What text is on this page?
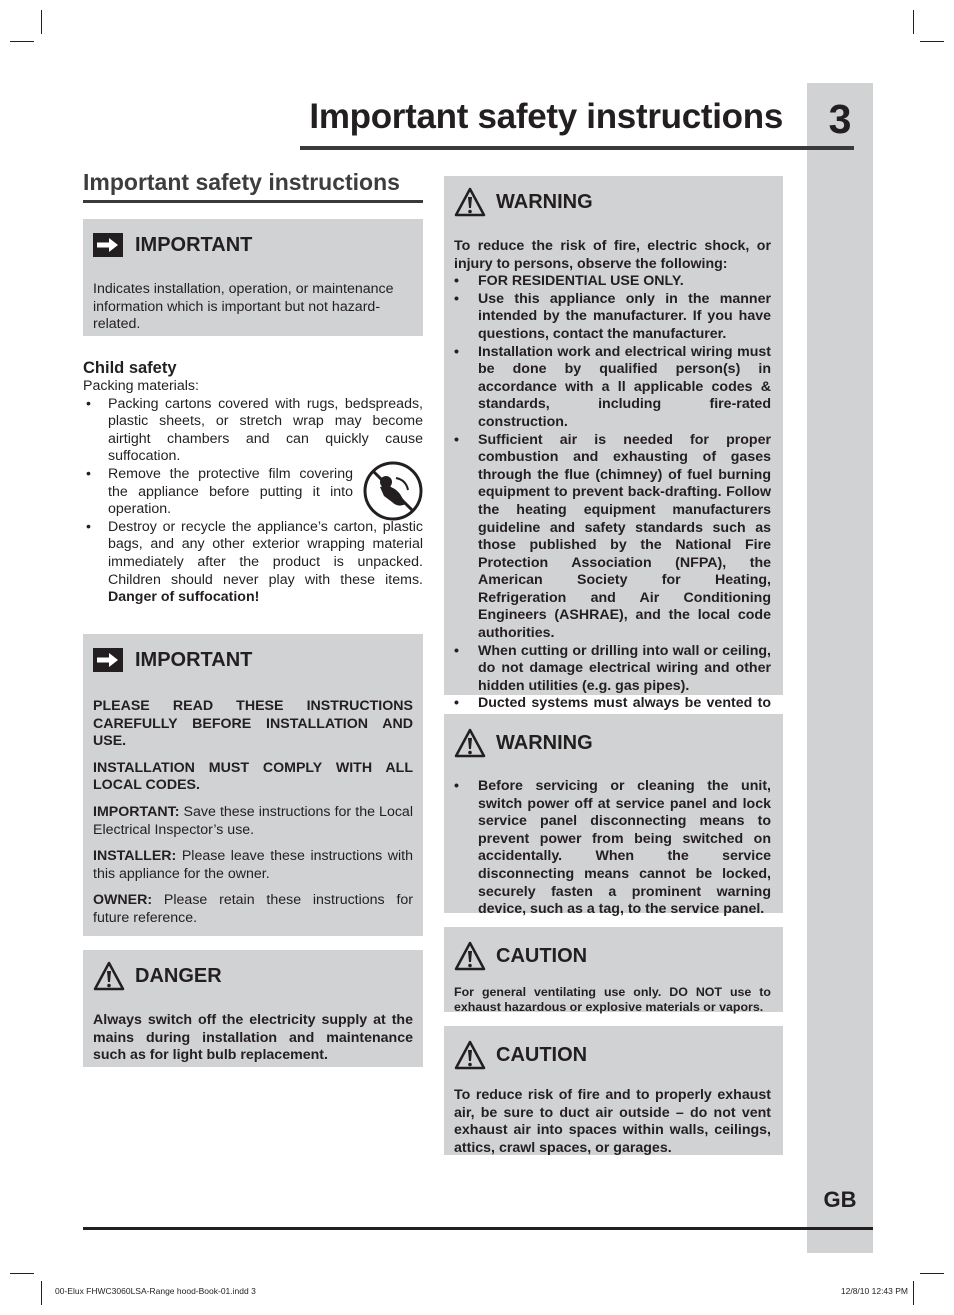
3
GB
Important safety instructions
Important safety instructions
IMPORTANT

Indicates installation, operation, or maintenance information which is important but not hazard-related.

Child safety
Packing materials:
• Packing cartons covered with rugs, bedspreads, plastic sheets, or stretch wrap may become airtight chambers and can quickly cause suffocation.
• Remove the protective film covering the appliance before putting it into operation.
• Destroy or recycle the appliance’s carton, plastic bags, and any other exterior wrapping material immediately after the product is unpacked. Children should never play with these items. Danger of suffocation!
IMPORTANT

PLEASE READ THESE INSTRUCTIONS CAREFULLY BEFORE INSTALLATION AND USE.

INSTALLATION MUST COMPLY WITH ALL LOCAL CODES.

IMPORTANT: Save these instructions for the Local Electrical Inspector’s use.

INSTALLER: Please leave these instructions with this appliance for the owner.

OWNER: Please retain these instructions for future reference.

DANGER

Always switch off the electricity supply at the mains during installation and maintenance such as for light bulb replacement.

WARNING

To reduce the risk of fire, electric shock, or injury to persons, observe the following:

• FOR RESIDENTIAL USE ONLY.
• Use this appliance only in the manner intended by the manufacturer. If you have questions, contact the manufacturer.
• Installation work and electrical wiring must be done by qualified person(s) in accordance with a ll applicable codes & standards, including fire-rated construction.
• Sufficient air is needed for proper combustion and exhausting of gases through the flue (chimney) of fuel burning equipment to prevent back-drafting. Follow the heating equipment manufacturers guideline and safety standards such as those published by the National Fire Protection Association (NFPA), the American Society for Heating, Refrigeration and Air Conditioning Engineers (ASHRAE), and the local code authorities.
• When cutting or drilling into wall or ceiling, do not damage electrical wiring and other hidden utilities (e.g. gas pipes).
• Ducted systems must always be vented to
WARNING
• Before servicing or cleaning the unit, switch power off at service panel and lock service panel disconnecting means to prevent power from being switched on accidentally. When the service disconnecting means cannot be locked, securely fasten a prominent warning device, such as a tag, to the service panel.
CAUTION

For general ventilating use only. DO NOT use to exhaust hazardous or explosive materials or vapors.

CAUTION

To reduce risk of fire and to properly exhaust air, be sure to duct air outside – do not vent exhaust air into spaces within walls, ceilings, attics, crawl spaces, or garages.

00-Elux FHWC3060LSA-Range hood-Book-01.indd 3	12/8/10 12:43 PM
